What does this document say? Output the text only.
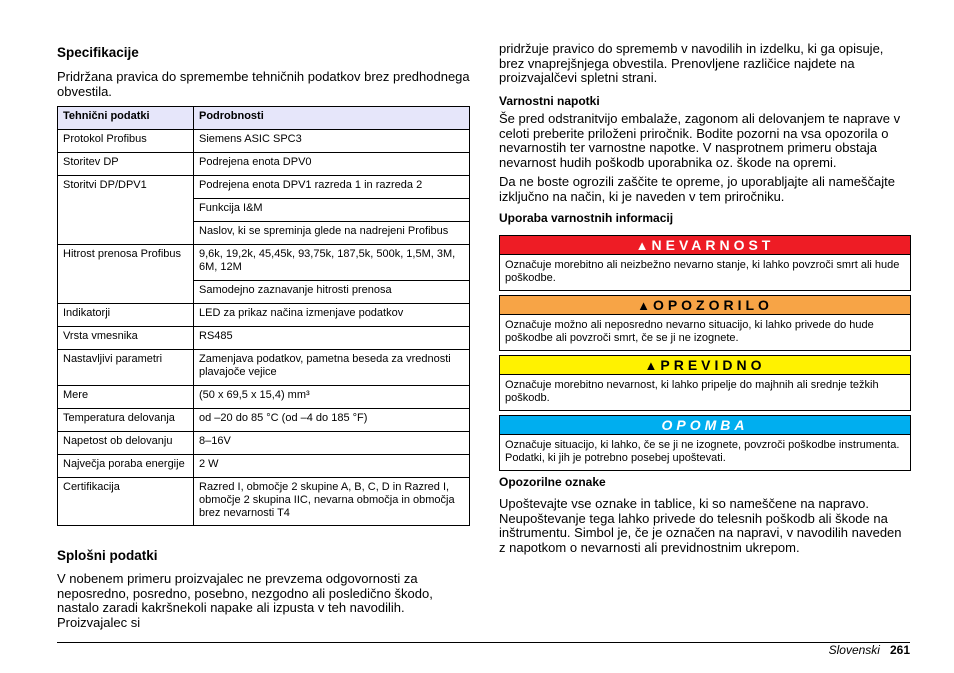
Specifikacije

Pridržana pravica do spremembe tehničnih podatkov brez predhodnega obvestila.

Tehnični podatki	Podrobnosti
Protokol Profibus	Siemens ASIC SPC3
Storitev DP	Podrejena enota DPV0
Storitvi DP/DPV1	Podrejena enota DPV1 razreda 1 in razreda 2
	Funkcija I&M
	Naslov, ki se spreminja glede na nadrejeni Profibus
Hitrost prenosa Profibus	9,6k, 19,2k, 45,45k, 93,75k, 187,5k, 500k, 1,5M, 3M, 6M, 12M
	Samodejno zaznavanje hitrosti prenosa
Indikatorji	LED za prikaz načina izmenjave podatkov
Vrsta vmesnika	RS485
Nastavljivi parametri	Zamenjava podatkov, pametna beseda za vrednosti plavajoče vejice
Mere	(50 x 69,5 x 15,4) mm³
Temperatura delovanja	od –20 do 85 °C (od –4 do 185 °F)
Napetost ob delovanju	8–16V
Največja poraba energije	2 W
Certifikacija	Razred I, območje 2 skupine A, B, C, D in Razred I, območje 2 skupina IIC, nevarna območja in območja brez nevarnosti T4
Splošni podatki

V nobenem primeru proizvajalec ne prevzema odgovornosti za neposredno, posredno, posebno, nezgodno ali posledično škodo, nastalo zaradi kakršnekoli napake ali izpusta v teh navodilih. Proizvajalec si

pridržuje pravico do sprememb v navodilih in izdelku, ki ga opisuje, brez vnaprejšnjega obvestila. Prenovljene različice najdete na proizvajalčevi spletni strani.

Varnostni napotki

Še pred odstranitvijo embalaže, zagonom ali delovanjem te naprave v celoti preberite priloženi priročnik. Bodite pozorni na vsa opozorila o nevarnostih ter varnostne napotke. V nasprotnem primeru obstaja nevarnost hudih poškodb uporabnika oz. škode na opremi.

Da ne boste ogrozili zaščite te opreme, jo uporabljajte ali nameščajte izključno na način, ki je naveden v tem priročniku.

Uporaba varnostnih informacij
▲ NEVARNOST
Označuje morebitno ali neizbežno nevarno stanje, ki lahko povzroči smrt ali hude poškodbe.
▲ OPOZORILO
Označuje možno ali neposredno nevarno situacijo, ki lahko privede do hude poškodbe ali povzroči smrt, če se ji ne izognete.
▲ PREVIDNO
Označuje morebitno nevarnost, ki lahko pripelje do majhnih ali srednje težkih poškodb.
OPOMBA
Označuje situacijo, ki lahko, če se ji ne izognete, povzroči poškodbe instrumenta. Podatki, ki jih je potrebno posebej upoštevati.
Opozorilne oznake

Upoštevajte vse oznake in tablice, ki so nameščene na napravo. Neupoštevanje tega lahko privede do telesnih poškodb ali škode na inštrumentu. Simbol je, če je označen na napravi, v navodilih naveden z napotkom o nevarnosti ali previdnostnim ukrepom.

Slovenski 261
